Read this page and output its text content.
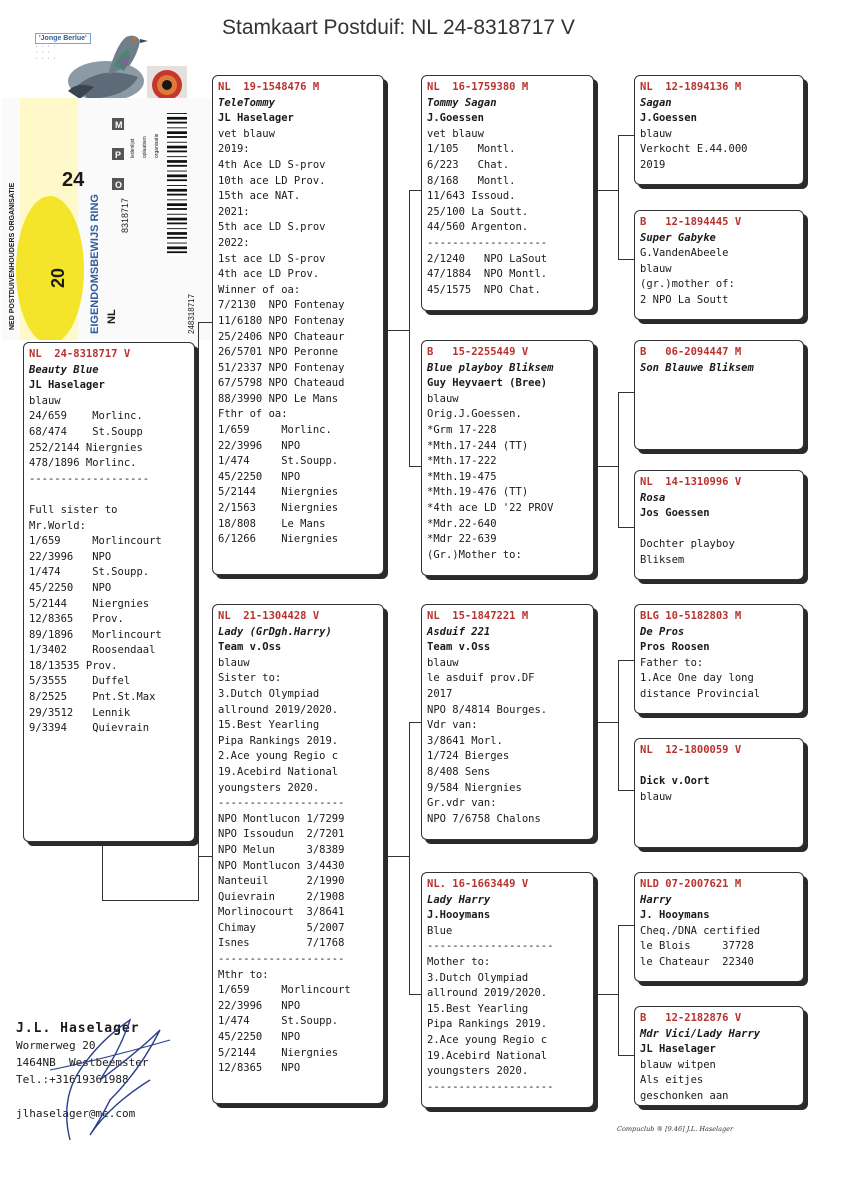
Stamkaart Postduif: NL 24-8318717 V
'Jonge Berlue'
· · · ·
· · ·
· · · ·
NED POSTDUIVENHOUDERS ORGANISATIE	EIGENDOMSBEWIJS RING
24
20
NL
8318717
M
ledenlijst
P	oplaatsen
O
organisatie
248318717
NL  24-8318717 V
Beauty Blue
JL Haselager
blauw
24/659    Morlinc.
68/474    St.Soupp
252/2144 Niergnies
478/1896 Morlinc.
-------------------
Full sister to
Mr.World:
1/659     Morlincourt
22/3996   NPO
1/474     St.Soupp.
45/2250   NPO
5/2144    Niergnies
12/8365   Prov.
89/1896   Morlincourt
1/3402    Roosendaal
18/13535 Prov.
5/3555    Duffel
8/2525    Pnt.St.Max
29/3512   Lennik
9/3394    Quievrain
NL  19-1548476 M
TeleTommy
JL Haselager
vet blauw
2019:
4th Ace LD S-prov
10th ace LD Prov.
15th ace NAT.
2021:
5th ace LD S.prov
2022:
1st ace LD S-prov
4th ace LD Prov.
Winner of oa:
7/2130  NPO Fontenay
11/6180 NPO Fontenay
25/2406 NPO Chateaur
26/5701 NPO Peronne
51/2337 NPO Fontenay
67/5798 NPO Chateaud
88/3990 NPO Le Mans
Fthr of oa:
1/659     Morlinc.
22/3996   NPO
1/474     St.Soupp.
45/2250   NPO
5/2144    Niergnies
2/1563    Niergnies
18/808    Le Mans
6/1266    Niergnies
NL  21-1304428 V
Lady (GrDgh.Harry)
Team v.Oss
blauw
Sister to:
3.Dutch Olympiad
allround 2019/2020.
15.Best Yearling
Pipa Rankings 2019.
2.Ace young Regio c
19.Acebird National
youngsters 2020.
--------------------
NPO Montlucon 1/7299
NPO Issoudun  2/7201
NPO Melun     3/8389
NPO Montlucon 3/4430
Nanteuil      2/1990
Quievrain     2/1908
Morlinocourt  3/8641
Chimay        5/2007
Isnes         7/1768
--------------------
Mthr to:
1/659     Morlincourt
22/3996   NPO
1/474     St.Soupp.
45/2250   NPO
5/2144    Niergnies
12/8365   NPO
NL  16-1759380 M
Tommy Sagan
J.Goessen
vet blauw
1/105   Montl.
6/223   Chat.
8/168   Montl.
11/643 Issoud.
25/100 La Soutt.
44/560 Argenton.
-------------------
2/1240   NPO LaSout
47/1884  NPO Montl.
45/1575  NPO Chat.
B   15-2255449 V
Blue playboy Bliksem
Guy Heyvaert (Bree)
blauw
Orig.J.Goessen.
*Grm 17-228
*Mth.17-244 (TT)
*Mth.17-222
*Mth.19-475
*Mth.19-476 (TT)
*4th ace LD '22 PROV
*Mdr.22-640
*Mdr 22-639
(Gr.)Mother to:
NL  15-1847221 M
Asduif 221
Team v.Oss
blauw
le asduif prov.DF
2017
NPO 8/4814 Bourges.
Vdr van:
3/8641 Morl.
1/724 Bierges
8/408 Sens
9/584 Niergnies
Gr.vdr van:
NPO 7/6758 Chalons
NL. 16-1663449 V
Lady Harry
J.Hooymans
Blue
--------------------
Mother to:
3.Dutch Olympiad
allround 2019/2020.
15.Best Yearling
Pipa Rankings 2019.
2.Ace young Regio c
19.Acebird National
youngsters 2020.
--------------------
NL  12-1894136 M
Sagan
J.Goessen
blauw
Verkocht E.44.000
2019
B   12-1894445 V
Super Gabyke
G.VandenAbeele
blauw
(gr.)mother of:
2 NPO La Soutt
B   06-2094447 M
Son Blauwe Bliksem
NL  14-1310996 V
Rosa
Jos Goessen
Dochter playboy
Bliksem
BLG 10-5182803 M
De Pros
Pros Roosen
Father to:
1.Ace One day long
distance Provincial
NL  12-1800059 V
Dick v.Oort
blauw
NLD 07-2007621 M
Harry
J. Hooymans
Cheq./DNA certified
le Blois     37728
le Chateaur  22340
B   12-2182876 V
Mdr Vici/Lady Harry
JL Haselager
blauw witpen
Als eitjes
geschonken aan
J.L. Haselager
Wormerweg 20
1464NB  Westbeemster
Tel.:+31619361988

jlhaselager@me.com
Compuclub ® [9.46] J.L. Haselager
